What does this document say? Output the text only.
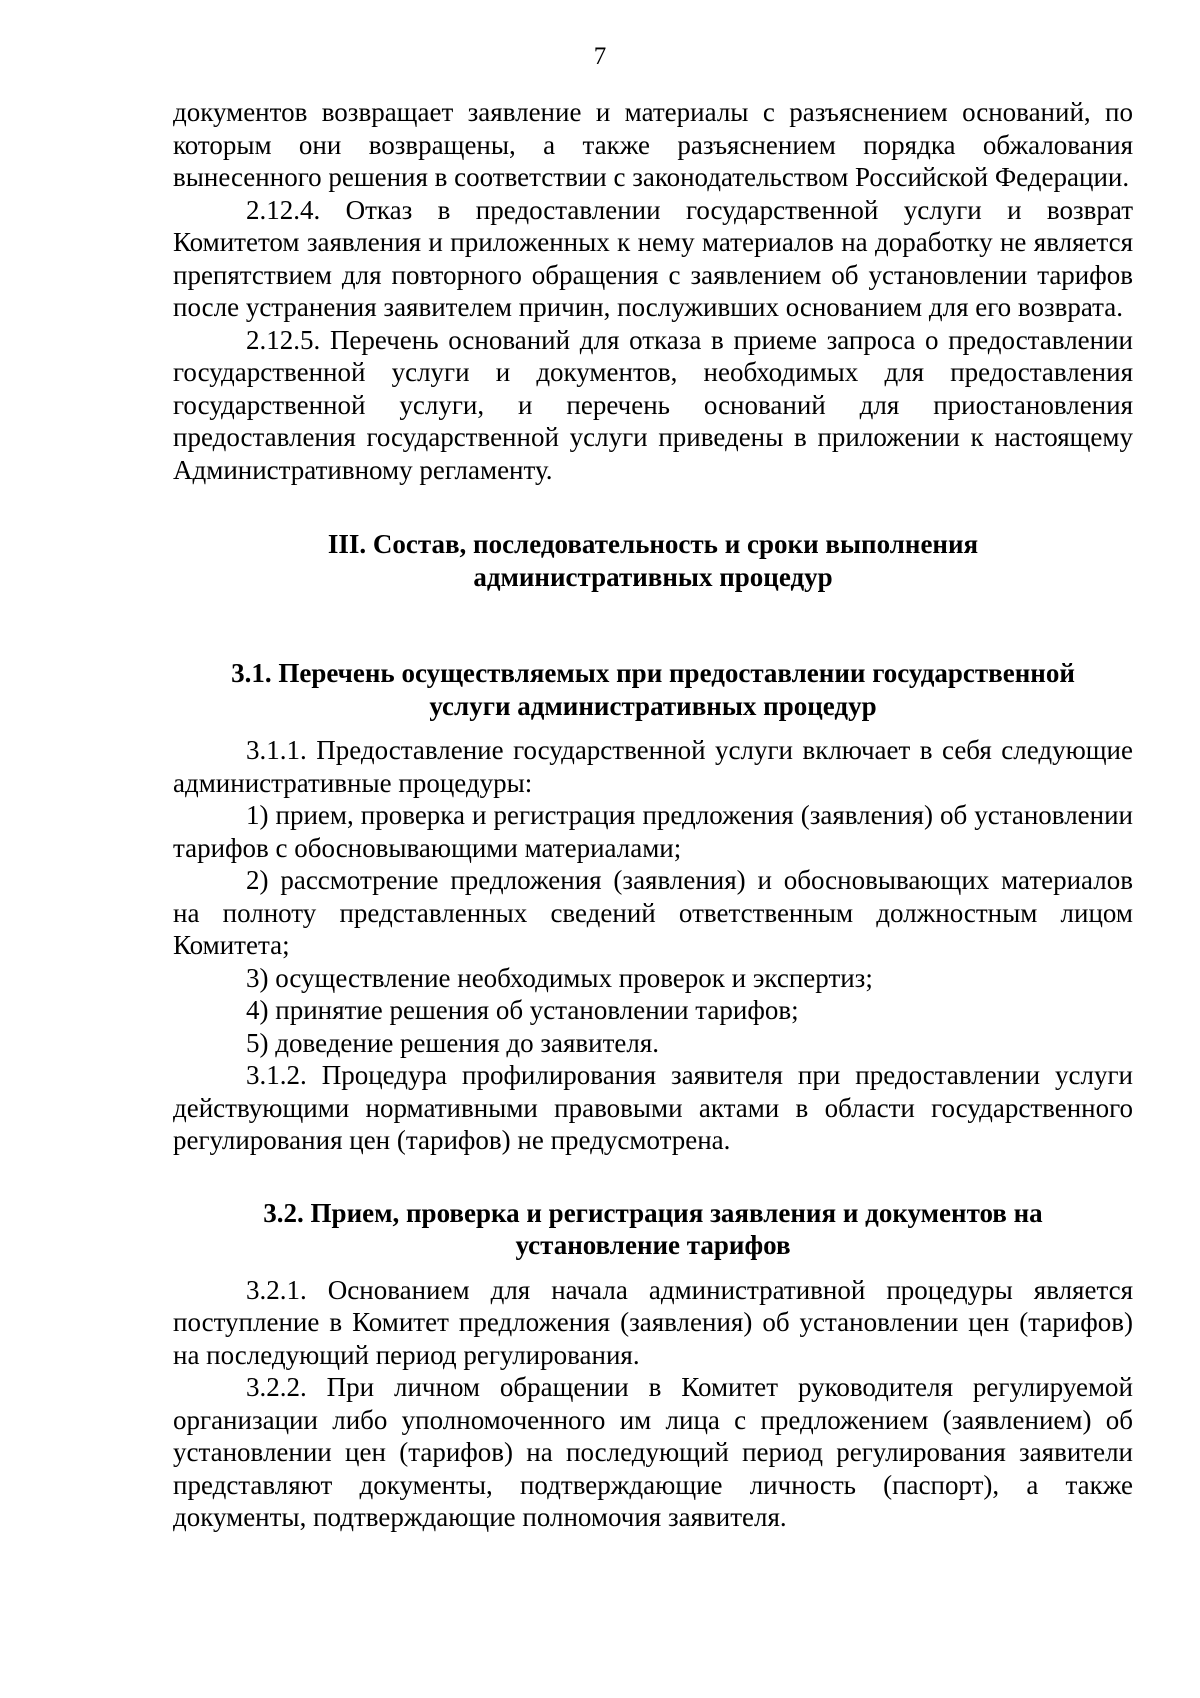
7

документов возвращает заявление и материалы с разъяснением оснований, по которым они возвращены, а также разъяснением порядка обжалования вынесенного решения в соответствии с законодательством Российской Федерации.

2.12.4. Отказ в предоставлении государственной услуги и возврат Комитетом заявления и приложенных к нему материалов на доработку не является препятствием для повторного обращения с заявлением об установлении тарифов после устранения заявителем причин, послуживших основанием для его возврата.

2.12.5. Перечень оснований для отказа в приеме запроса о предоставлении государственной услуги и документов, необходимых для предоставления государственной услуги, и перечень оснований для приостановления предоставления государственной услуги приведены в приложении к настоящему Административному регламенту.

III. Состав, последовательность и сроки выполнения
административных процедур
3.1. Перечень осуществляемых при предоставлении государственной
услуги административных процедур

3.1.1. Предоставление государственной услуги включает в себя следующие административные процедуры:

1) прием, проверка и регистрация предложения (заявления) об установлении тарифов с обосновывающими материалами;

2) рассмотрение предложения (заявления) и обосновывающих материалов на полноту представленных сведений ответственным должностным лицом Комитета;

3) осуществление необходимых проверок и экспертиз;

4) принятие решения об установлении тарифов;

5) доведение решения до заявителя.

3.1.2. Процедура профилирования заявителя при предоставлении услуги действующими нормативными правовыми актами в области государственного регулирования цен (тарифов) не предусмотрена.

3.2. Прием, проверка и регистрация заявления и документов на
установление тарифов

3.2.1. Основанием для начала административной процедуры является поступление в Комитет предложения (заявления) об установлении цен (тарифов) на последующий период регулирования.

3.2.2. При личном обращении в Комитет руководителя регулируемой организации либо уполномоченного им лица с предложением (заявлением) об установлении цен (тарифов) на последующий период регулирования заявители представляют документы, подтверждающие личность (паспорт), а также документы, подтверждающие полномочия заявителя.
